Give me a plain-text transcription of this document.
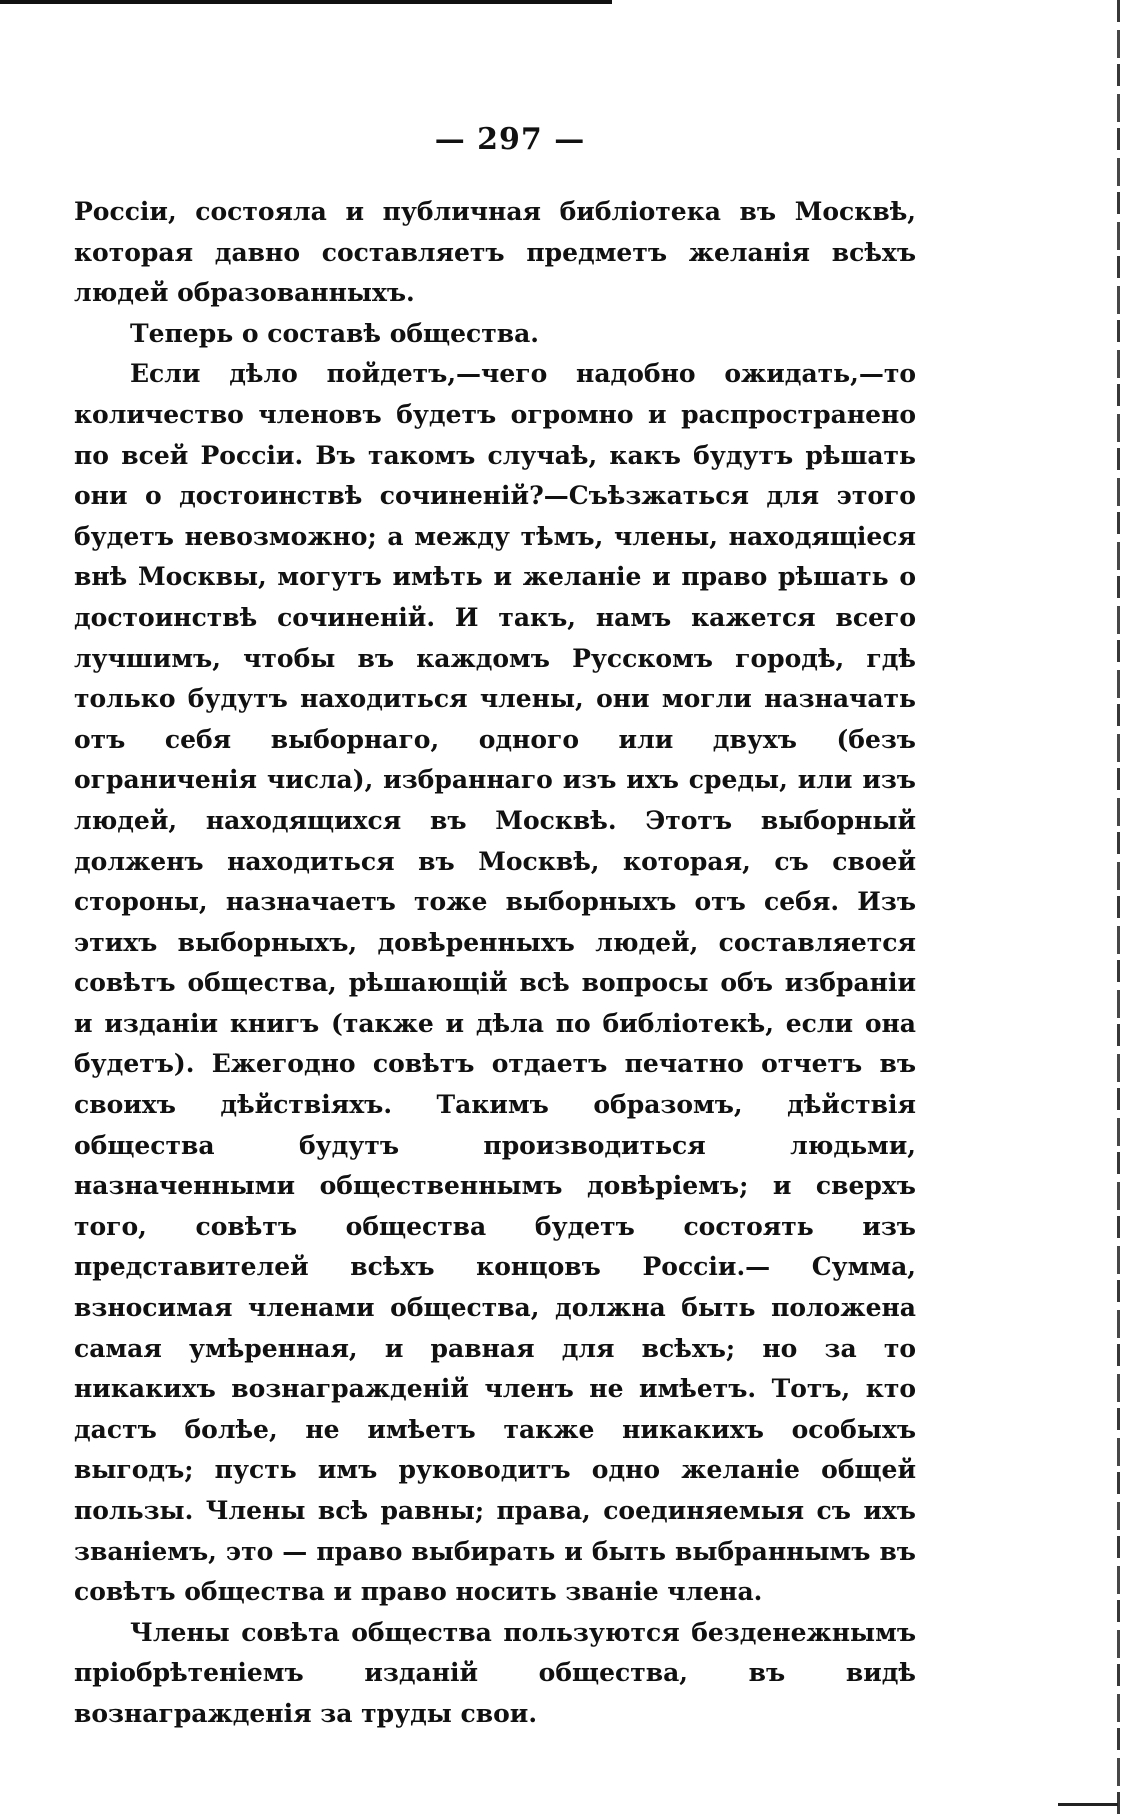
— 297 —

Россіи, состояла и публичная библіотека въ Москвѣ, которая давно составляетъ предметъ желанія всѣхъ людей образованныхъ.

Теперь о составѣ общества.

Если дѣло пойдетъ,—чего надобно ожидать,—то количество членовъ будетъ огромно и распространено по всей Россіи. Въ такомъ случаѣ, какъ будутъ рѣшать они о достоинствѣ сочиненій?—Съѣзжаться для этого будетъ невозможно; а между тѣмъ, члены, находящіеся внѣ Москвы, могутъ имѣть и желаніе и право рѣшать о достоинствѣ сочиненій. И такъ, намъ кажется всего лучшимъ, чтобы въ каждомъ Русскомъ городѣ, гдѣ только будутъ находиться члены, они могли назначать отъ себя выборнаго, одного или двухъ (безъ ограниченія числа), избраннаго изъ ихъ среды, или изъ людей, находящихся въ Москвѣ. Этотъ выборный долженъ находиться въ Москвѣ, которая, съ своей стороны, назначаетъ тоже выборныхъ отъ себя. Изъ этихъ выборныхъ, довѣренныхъ людей, составляется совѣтъ общества, рѣшающій всѣ вопросы объ избраніи и изданіи книгъ (также и дѣла по библіотекѣ, если она будетъ). Ежегодно совѣтъ отдаетъ печатно отчетъ въ своихъ дѣйствіяхъ. Такимъ образомъ, дѣйствія общества будутъ производиться людьми, назначенными общественнымъ довѣріемъ; и сверхъ того, совѣтъ общества будетъ состоять изъ представителей всѣхъ концовъ Россіи.— Сумма, взносимая членами общества, должна быть положена самая умѣренная, и равная для всѣхъ; но за то никакихъ вознагражденій членъ не имѣетъ. Тотъ, кто дастъ болѣе, не имѣетъ также никакихъ особыхъ выгодъ; пусть имъ руководитъ одно желаніе общей пользы. Члены всѣ равны; права, соединяемыя съ ихъ званіемъ, это — право выбирать и быть выбраннымъ въ совѣтъ общества и право носить званіе члена.

Члены совѣта общества пользуются безденежнымъ пріобрѣтеніемъ изданій общества, въ видѣ вознагражденія за труды свои.
